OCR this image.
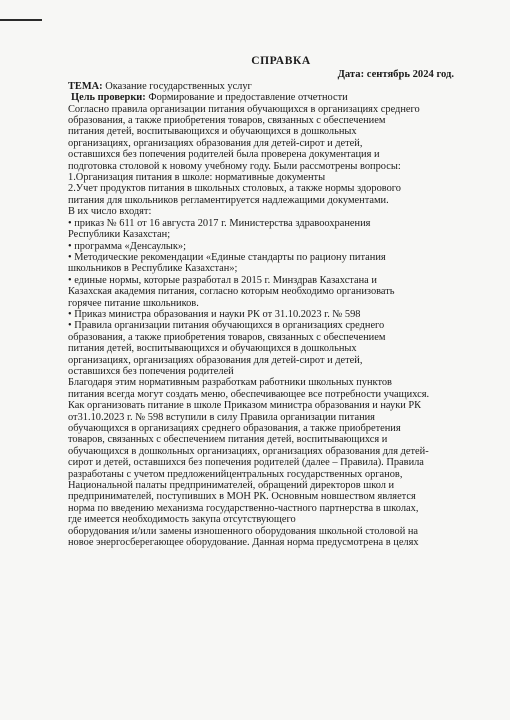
СПРАВКА
Дата: сентябрь 2024 год.
ТЕМА: Оказание государственных услуг
Цель проверки: Формирование и предоставление отчетности
Согласно правила организации питания обучающихся в организациях среднего
образования, а также приобретения товаров, связанных с обеспечением
питания детей, воспитывающихся и обучающихся в дошкольных
организациях, организациях образования для детей-сирот и детей,
оставшихся без попечения родителей была проверена документация и
подготовка столовой к новому учебному году. Были рассмотрены вопросы:
1.Организация питания в школе: нормативные документы
2.Учет продуктов питания в школьных столовых, а также нормы здорового
питания для школьников регламентируется надлежащими документами.
В их число входят:
• приказ № 611 от 16 августа 2017 г. Министерства здравоохранения
Республики Казахстан;
• программа «Денсаулык»;
• Методические рекомендации «Единые стандарты по рациону питания
школьников в Республике Казахстан»;
• единые нормы, которые разработал в 2015 г. Минздрав Казахстана и
Казахская академия питания, согласно которым необходимо организовать
горячее питание школьников.
• Приказ министра образования и науки РК от 31.10.2023 г. № 598
• Правила организации питания обучающихся в организациях среднего
образования, а также приобретения товаров, связанных с обеспечением
питания детей, воспитывающихся и обучающихся в дошкольных
организациях, организациях образования для детей-сирот и детей,
оставшихся без попечения родителей
Благодаря этим нормативным разработкам работники школьных пунктов
питания всегда могут создать меню, обеспечивающее все потребности учащихся.
Как организовать питание в школе Приказом министра образования и науки РК
от31.10.2023 г. № 598 вступили в силу Правила организации питания
обучающихся в организациях среднего образования, а также приобретения
товаров, связанных с обеспечением питания детей, воспитывающихся и
обучающихся в дошкольных организациях, организациях образования для детей-
сирот и детей, оставшихся без попечения родителей (далее – Правила). Правила
разработаны с учетом предложенийцентральных государственных органов,
Национальной палаты предпринимателей, обращений директоров школ и
предпринимателей, поступивших в МОН РК. Основным новшеством является
норма по введению механизма государственно-частного партнерства в школах,
где имеется необходимость закупа отсутствующего
оборудования и/или замены изношенного оборудования школьной столовой на
новое энергосберегающее оборудование. Данная норма предусмотрена в целях
